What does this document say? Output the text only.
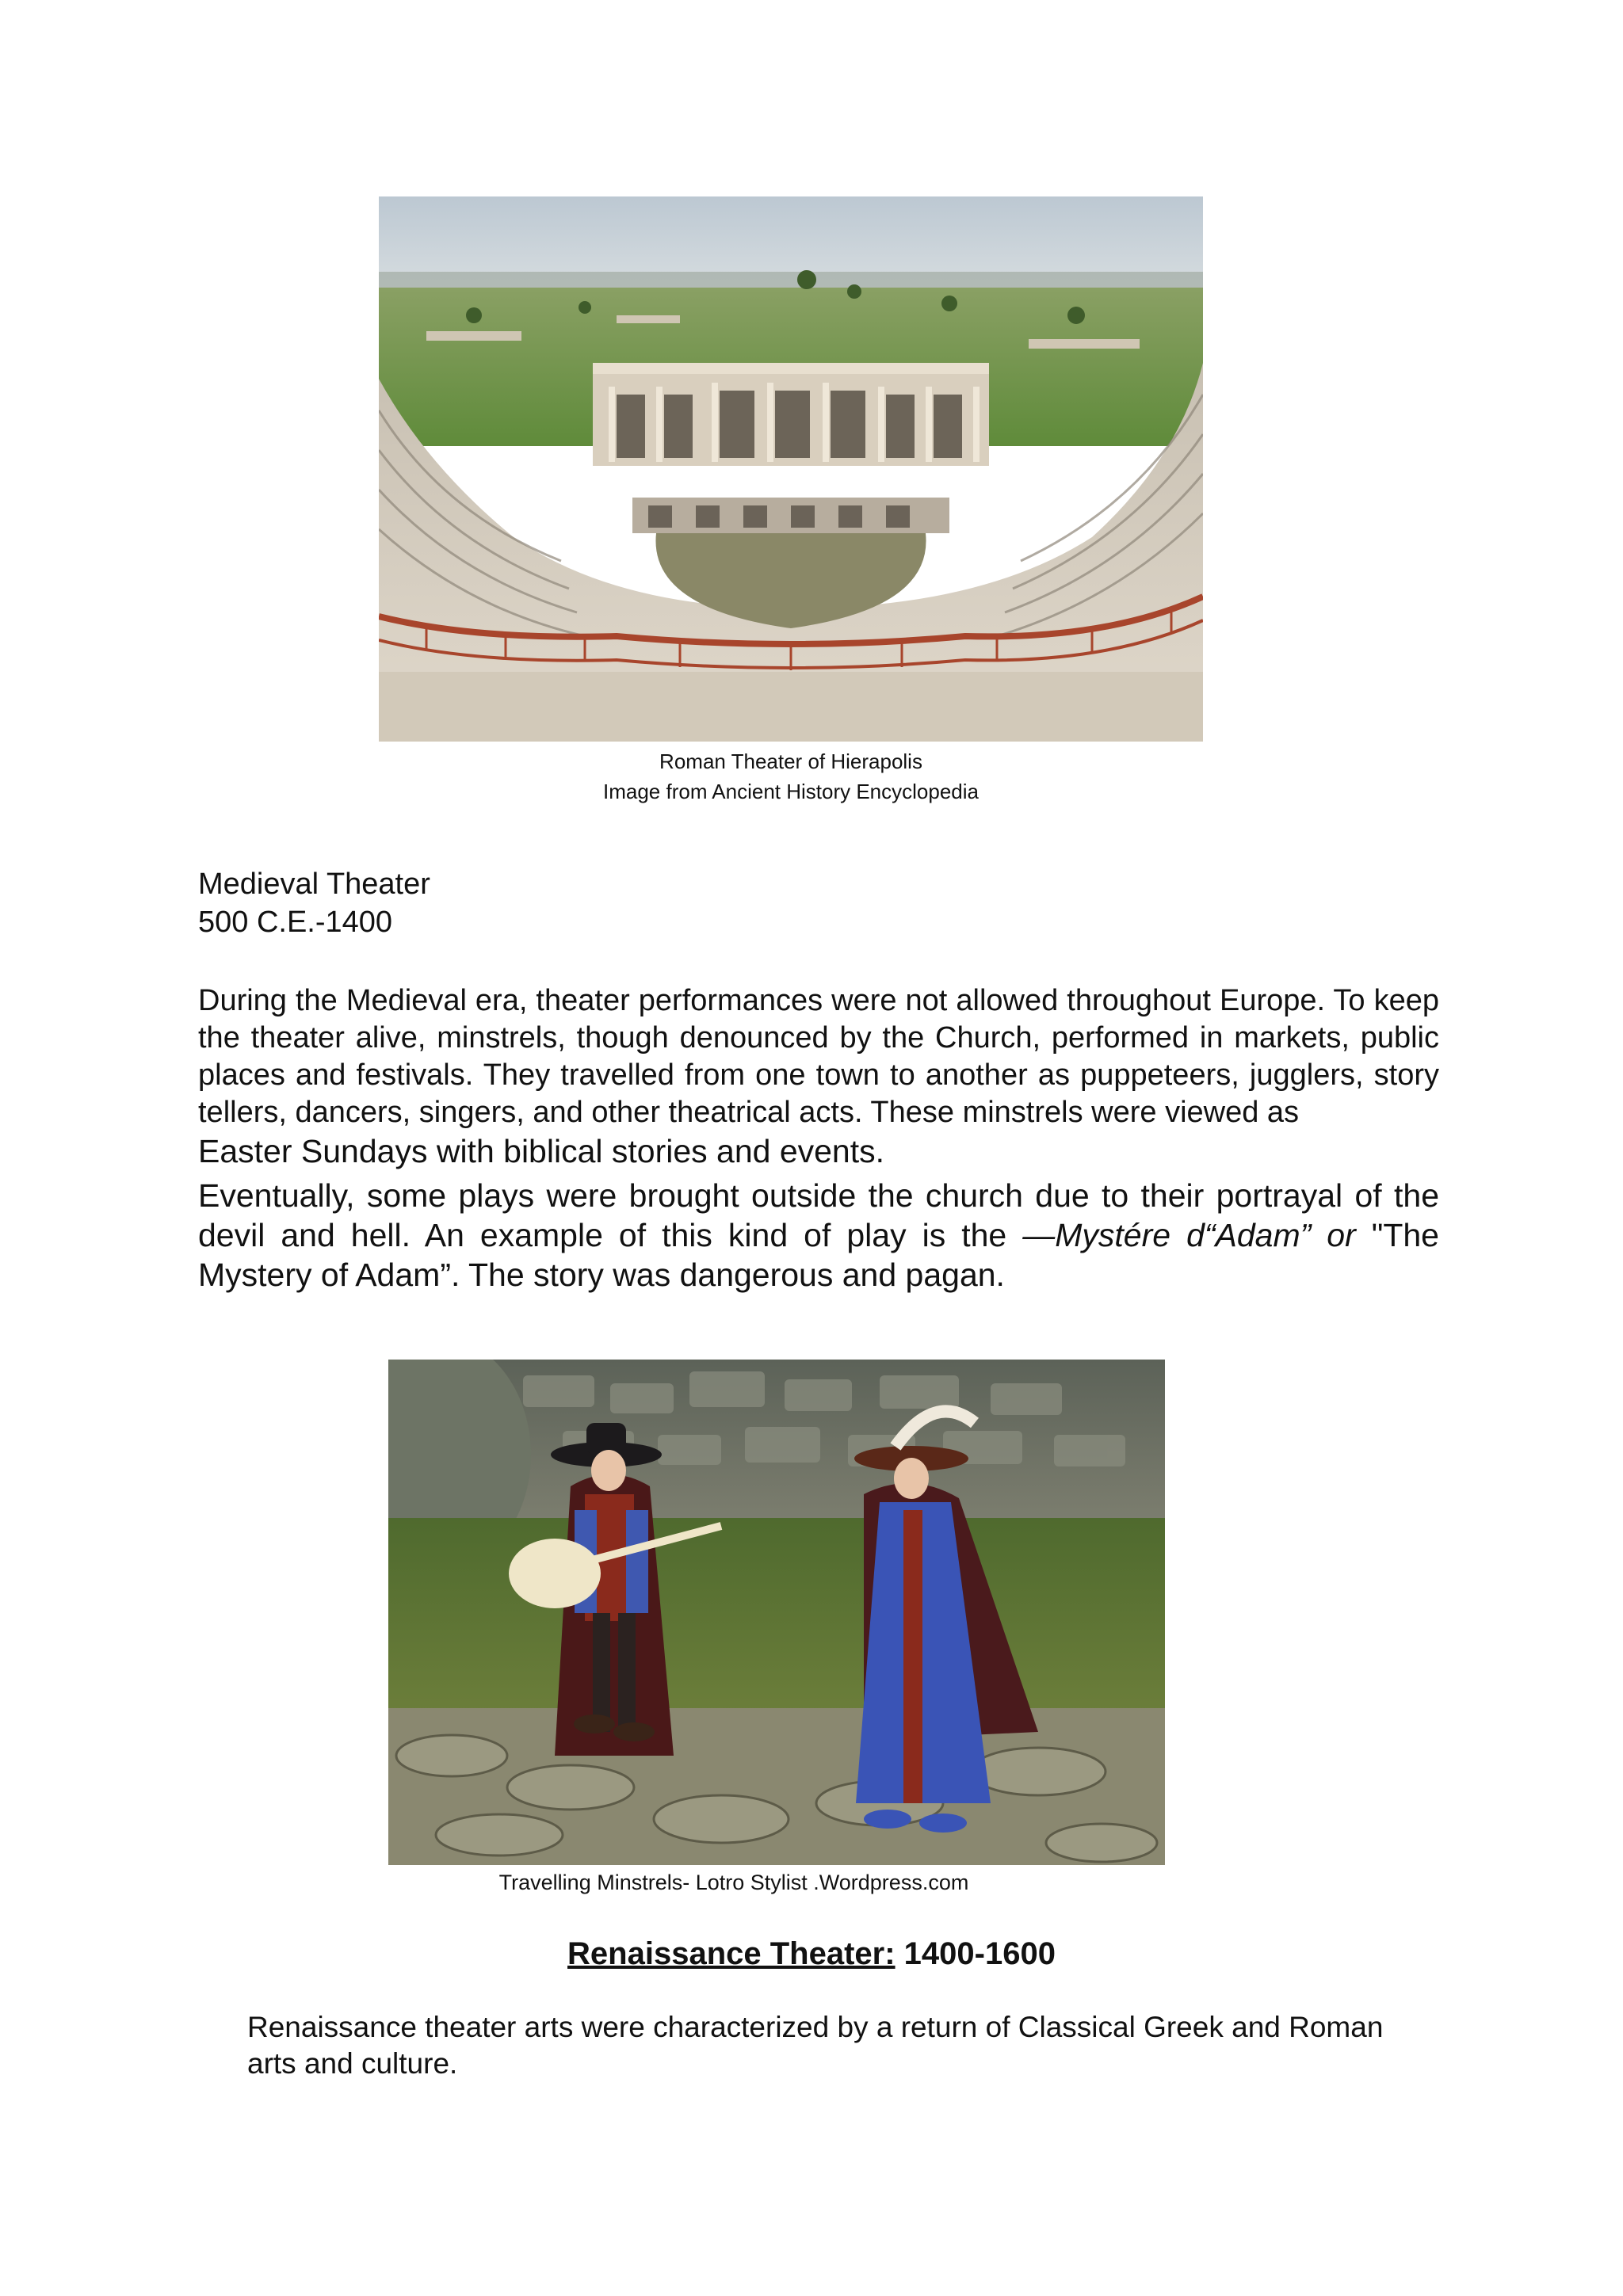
Roman Theater of Hierapolis
Image from Ancient History Encyclopedia
Medieval Theater
500 C.E.-1400

During the Medieval era, theater performances were not allowed throughout Europe. To keep the theater alive, minstrels, though denounced by the Church, performed in markets, public places and festivals. They travelled from one town to another as puppeteers, jugglers, story tellers, dancers, singers, and other theatrical acts. These minstrels were viewed as

Easter Sundays with biblical stories and events.

Eventually, some plays were brought outside the church due to their portrayal of the devil and hell. An example of this kind of play is the —Mystére d“Adam” or "The Mystery of Adam”. The story was dangerous and pagan.

Travelling Minstrels- Lotro Stylist .Wordpress.com
Renaissance Theater: 1400-1600
Renaissance theater arts were characterized by a return of Classical Greek and Roman arts and culture.
